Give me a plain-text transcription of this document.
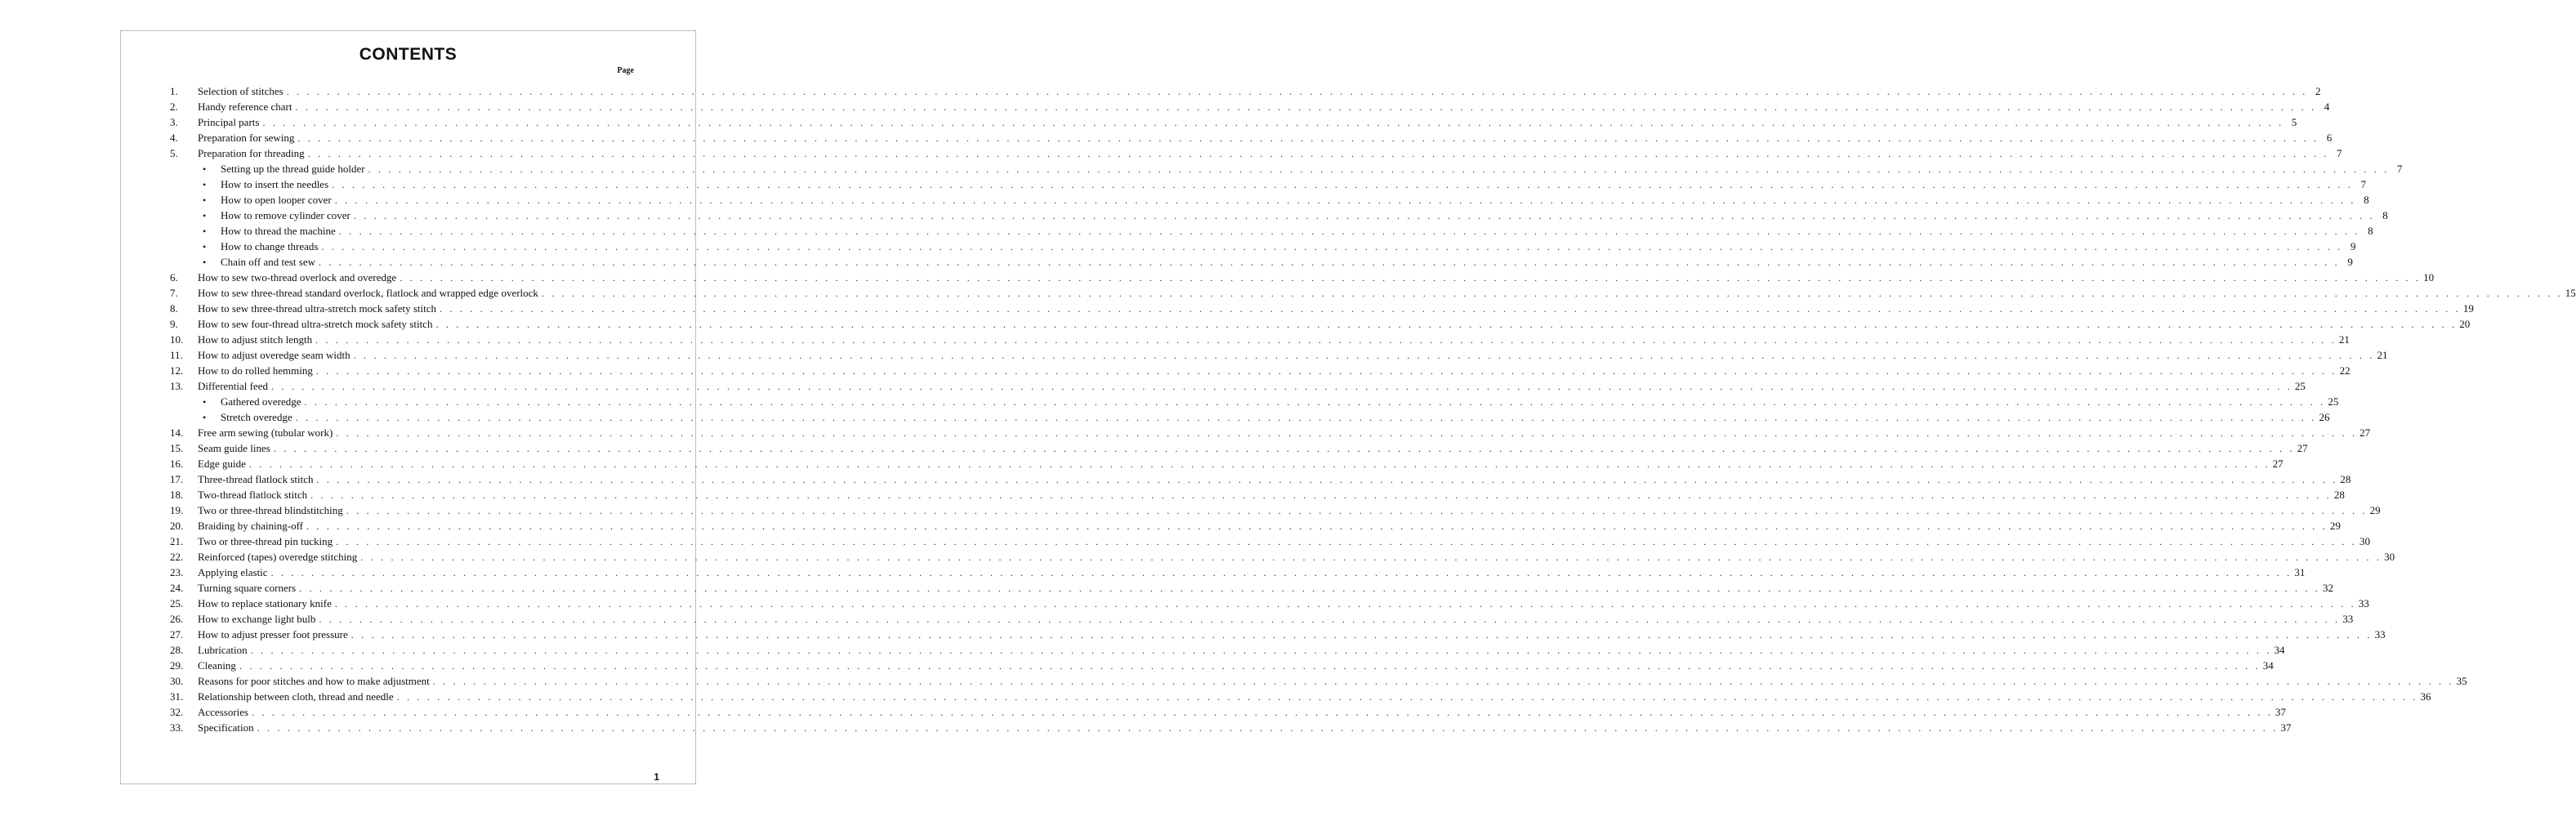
CONTENTS
Page
1.	Selection of stitches . . . . . . . . . . . . . . . . . . . . . . . . . . . . . . . . . . . . . . . . . . . . . . . . . . . . . . . . . . . . . . . . . . . . . . . . . . . . . . . . . . . . . . . . . . . . . . . . . . . . . . . . . . . . . . . . . . . . . . . . . . . . . . . . . . . . . . . . . . . . . . . . . . . . . . . . . . . . . . . . . . . . . . . . . . . . . . . . . . . . . . . . . . . . . . . . . . . . . . . . 2
2.	Handy reference chart . . . . . . . . . . . . . . . . . . . . . . . . . . . . . . . . . . . . . . . . . . . . . . . . . . . . . . . . . . . . . . . . . . . . . . . . . . . . . . . . . . . . . . . . . . . . . . . . . . . . . . . . . . . . . . . . . . . . . . . . . . . . . . . . . . . . . . . . . . . . . . . . . . . . . . . . . . . . . . . . . . . . . . . . . . . . . . . . . . . . . . . . . . . . . . . . . . . . . . . . 4
3.	Principal parts . . . . . . . . . . . . . . . . . . . . . . . . . . . . . . . . . . . . . . . . . . . . . . . . . . . . . . . . . . . . . . . . . . . . . . . . . . . . . . . . . . . . . . . . . . . . . . . . . . . . . . . . . . . . . . . . . . . . . . . . . . . . . . . . . . . . . . . . . . . . . . . . . . . . . . . . . . . . . . . . . . . . . . . . . . . . . . . . . . . . . . . . . . . . . . . . . . . . . . . . 5
4.	Preparation for sewing . . . . . . . . . . . . . . . . . . . . . . . . . . . . . . . . . . . . . . . . . . . . . . . . . . . . . . . . . . . . . . . . . . . . . . . . . . . . . . . . . . . . . . . . . . . . . . . . . . . . . . . . . . . . . . . . . . . . . . . . . . . . . . . . . . . . . . . . . . . . . . . . . . . . . . . . . . . . . . . . . . . . . . . . . . . . . . . . . . . . . . . . . . . . . . . . . . . . . . . . 6
5.	Preparation for threading . . . . . . . . . . . . . . . . . . . . . . . . . . . . . . . . . . . . . . . . . . . . . . . . . . . . . . . . . . . . . . . . . . . . . . . . . . . . . . . . . . . . . . . . . . . . . . . . . . . . . . . . . . . . . . . . . . . . . . . . . . . . . . . . . . . . . . . . . . . . . . . . . . . . . . . . . . . . . . . . . . . . . . . . . . . . . . . . . . . . . . . . . . . . . . . . . . . . . . . . 7
•	Setting up the thread guide holder . . . . . . . . . . . . . . . . . . . . . . . . . . . . . . . . . . . . . . . . . . . . . . . . . . . . . . . . . . . . . . . . . . . . . . . . . . . . . . . . . . . . . . . . . . . . . . . . . . . . . . . . . . . . . . . . . . . . . . . . . . . . . . . . . . . . . . . . . . . . . . . . . . . . . . . . . . . . . . . . . . . . . . . . . . . . . . . . . . . . . . . . . . . . . . . . . . . . . . . . 7
•	How to insert the needles . . . . . . . . . . . . . . . . . . . . . . . . . . . . . . . . . . . . . . . . . . . . . . . . . . . . . . . . . . . . . . . . . . . . . . . . . . . . . . . . . . . . . . . . . . . . . . . . . . . . . . . . . . . . . . . . . . . . . . . . . . . . . . . . . . . . . . . . . . . . . . . . . . . . . . . . . . . . . . . . . . . . . . . . . . . . . . . . . . . . . . . . . . . . . . . . . . . . . . . . 7
•	How to open looper cover . . . . . . . . . . . . . . . . . . . . . . . . . . . . . . . . . . . . . . . . . . . . . . . . . . . . . . . . . . . . . . . . . . . . . . . . . . . . . . . . . . . . . . . . . . . . . . . . . . . . . . . . . . . . . . . . . . . . . . . . . . . . . . . . . . . . . . . . . . . . . . . . . . . . . . . . . . . . . . . . . . . . . . . . . . . . . . . . . . . . . . . . . . . . . . . . . . . . . . . . 8
•	How to remove cylinder cover . . . . . . . . . . . . . . . . . . . . . . . . . . . . . . . . . . . . . . . . . . . . . . . . . . . . . . . . . . . . . . . . . . . . . . . . . . . . . . . . . . . . . . . . . . . . . . . . . . . . . . . . . . . . . . . . . . . . . . . . . . . . . . . . . . . . . . . . . . . . . . . . . . . . . . . . . . . . . . . . . . . . . . . . . . . . . . . . . . . . . . . . . . . . . . . . . . . . . . . . 8
•	How to thread the machine . . . . . . . . . . . . . . . . . . . . . . . . . . . . . . . . . . . . . . . . . . . . . . . . . . . . . . . . . . . . . . . . . . . . . . . . . . . . . . . . . . . . . . . . . . . . . . . . . . . . . . . . . . . . . . . . . . . . . . . . . . . . . . . . . . . . . . . . . . . . . . . . . . . . . . . . . . . . . . . . . . . . . . . . . . . . . . . . . . . . . . . . . . . . . . . . . . . . . . . . 8
•	How to change threads . . . . . . . . . . . . . . . . . . . . . . . . . . . . . . . . . . . . . . . . . . . . . . . . . . . . . . . . . . . . . . . . . . . . . . . . . . . . . . . . . . . . . . . . . . . . . . . . . . . . . . . . . . . . . . . . . . . . . . . . . . . . . . . . . . . . . . . . . . . . . . . . . . . . . . . . . . . . . . . . . . . . . . . . . . . . . . . . . . . . . . . . . . . . . . . . . . . . . . . . 9
•	Chain off and test sew . . . . . . . . . . . . . . . . . . . . . . . . . . . . . . . . . . . . . . . . . . . . . . . . . . . . . . . . . . . . . . . . . . . . . . . . . . . . . . . . . . . . . . . . . . . . . . . . . . . . . . . . . . . . . . . . . . . . . . . . . . . . . . . . . . . . . . . . . . . . . . . . . . . . . . . . . . . . . . . . . . . . . . . . . . . . . . . . . . . . . . . . . . . . . . . . . . . . . . . . 9
6.	How to sew two-thread overlock and overedge . . . . . . . . . . . . . . . . . . . . . . . . . . . . . . . . . . . . . . . . . . . . . . . . . . . . . . . . . . . . . . . . . . . . . . . . . . . . . . . . . . . . . . . . . . . . . . . . . . . . . . . . . . . . . . . . . . . . . . . . . . . . . . . . . . . . . . . . . . . . . . . . . . . . . . . . . . . . . . . . . . . . . . . . . . . . . . . . . . . . . . . . . . . . . . . . . . . . . . . . 10
7.	How to sew three-thread standard overlock, flatlock and wrapped edge overlock . . . . . . . . . . . . . . . . . . . . . . . . . . . . . . . . . . . . . . . . . . . . . . . . . . . . . . . . . . . . . . . . . . . . . . . . . . . . . . . . . . . . . . . . . . . . . . . . . . . . . . . . . . . . . . . . . . . . . . . . . . . . . . . . . . . . . . . . . . . . . . . . . . . . . . . . . . . . . . . . . . . . . . . . . . . . . . . . . . . . . . . . . . . . . . . . . . . . . . . . 15
8.	How to sew three-thread ultra-stretch mock safety stitch . . . . . . . . . . . . . . . . . . . . . . . . . . . . . . . . . . . . . . . . . . . . . . . . . . . . . . . . . . . . . . . . . . . . . . . . . . . . . . . . . . . . . . . . . . . . . . . . . . . . . . . . . . . . . . . . . . . . . . . . . . . . . . . . . . . . . . . . . . . . . . . . . . . . . . . . . . . . . . . . . . . . . . . . . . . . . . . . . . . . . . . . . . . . . . . . . . . . . . . . 19
9.	How to sew four-thread ultra-stretch mock safety stitch . . . . . . . . . . . . . . . . . . . . . . . . . . . . . . . . . . . . . . . . . . . . . . . . . . . . . . . . . . . . . . . . . . . . . . . . . . . . . . . . . . . . . . . . . . . . . . . . . . . . . . . . . . . . . . . . . . . . . . . . . . . . . . . . . . . . . . . . . . . . . . . . . . . . . . . . . . . . . . . . . . . . . . . . . . . . . . . . . . . . . . . . . . . . . . . . . . . . . . . . 20
10.	How to adjust stitch length . . . . . . . . . . . . . . . . . . . . . . . . . . . . . . . . . . . . . . . . . . . . . . . . . . . . . . . . . . . . . . . . . . . . . . . . . . . . . . . . . . . . . . . . . . . . . . . . . . . . . . . . . . . . . . . . . . . . . . . . . . . . . . . . . . . . . . . . . . . . . . . . . . . . . . . . . . . . . . . . . . . . . . . . . . . . . . . . . . . . . . . . . . . . . . . . . . . . . . . . 21
11.	How to adjust overedge seam width . . . . . . . . . . . . . . . . . . . . . . . . . . . . . . . . . . . . . . . . . . . . . . . . . . . . . . . . . . . . . . . . . . . . . . . . . . . . . . . . . . . . . . . . . . . . . . . . . . . . . . . . . . . . . . . . . . . . . . . . . . . . . . . . . . . . . . . . . . . . . . . . . . . . . . . . . . . . . . . . . . . . . . . . . . . . . . . . . . . . . . . . . . . . . . . . . . . . . . . . 21
12.	How to do rolled hemming . . . . . . . . . . . . . . . . . . . . . . . . . . . . . . . . . . . . . . . . . . . . . . . . . . . . . . . . . . . . . . . . . . . . . . . . . . . . . . . . . . . . . . . . . . . . . . . . . . . . . . . . . . . . . . . . . . . . . . . . . . . . . . . . . . . . . . . . . . . . . . . . . . . . . . . . . . . . . . . . . . . . . . . . . . . . . . . . . . . . . . . . . . . . . . . . . . . . . . . . 22
13.	Differential feed . . . . . . . . . . . . . . . . . . . . . . . . . . . . . . . . . . . . . . . . . . . . . . . . . . . . . . . . . . . . . . . . . . . . . . . . . . . . . . . . . . . . . . . . . . . . . . . . . . . . . . . . . . . . . . . . . . . . . . . . . . . . . . . . . . . . . . . . . . . . . . . . . . . . . . . . . . . . . . . . . . . . . . . . . . . . . . . . . . . . . . . . . . . . . . . . . . . . . . . . 25
•	Gathered overedge . . . . . . . . . . . . . . . . . . . . . . . . . . . . . . . . . . . . . . . . . . . . . . . . . . . . . . . . . . . . . . . . . . . . . . . . . . . . . . . . . . . . . . . . . . . . . . . . . . . . . . . . . . . . . . . . . . . . . . . . . . . . . . . . . . . . . . . . . . . . . . . . . . . . . . . . . . . . . . . . . . . . . . . . . . . . . . . . . . . . . . . . . . . . . . . . . . . . . . . . 25
•	Stretch overedge . . . . . . . . . . . . . . . . . . . . . . . . . . . . . . . . . . . . . . . . . . . . . . . . . . . . . . . . . . . . . . . . . . . . . . . . . . . . . . . . . . . . . . . . . . . . . . . . . . . . . . . . . . . . . . . . . . . . . . . . . . . . . . . . . . . . . . . . . . . . . . . . . . . . . . . . . . . . . . . . . . . . . . . . . . . . . . . . . . . . . . . . . . . . . . . . . . . . . . . . 26
14.	Free arm sewing (tubular work) . . . . . . . . . . . . . . . . . . . . . . . . . . . . . . . . . . . . . . . . . . . . . . . . . . . . . . . . . . . . . . . . . . . . . . . . . . . . . . . . . . . . . . . . . . . . . . . . . . . . . . . . . . . . . . . . . . . . . . . . . . . . . . . . . . . . . . . . . . . . . . . . . . . . . . . . . . . . . . . . . . . . . . . . . . . . . . . . . . . . . . . . . . . . . . . . . . . . . . . . 27
15.	Seam guide lines . . . . . . . . . . . . . . . . . . . . . . . . . . . . . . . . . . . . . . . . . . . . . . . . . . . . . . . . . . . . . . . . . . . . . . . . . . . . . . . . . . . . . . . . . . . . . . . . . . . . . . . . . . . . . . . . . . . . . . . . . . . . . . . . . . . . . . . . . . . . . . . . . . . . . . . . . . . . . . . . . . . . . . . . . . . . . . . . . . . . . . . . . . . . . . . . . . . . . . . . 27
16.	Edge guide . . . . . . . . . . . . . . . . . . . . . . . . . . . . . . . . . . . . . . . . . . . . . . . . . . . . . . . . . . . . . . . . . . . . . . . . . . . . . . . . . . . . . . . . . . . . . . . . . . . . . . . . . . . . . . . . . . . . . . . . . . . . . . . . . . . . . . . . . . . . . . . . . . . . . . . . . . . . . . . . . . . . . . . . . . . . . . . . . . . . . . . . . . . . . . . . . . . . . . . . 27
17.	Three-thread flatlock stitch . . . . . . . . . . . . . . . . . . . . . . . . . . . . . . . . . . . . . . . . . . . . . . . . . . . . . . . . . . . . . . . . . . . . . . . . . . . . . . . . . . . . . . . . . . . . . . . . . . . . . . . . . . . . . . . . . . . . . . . . . . . . . . . . . . . . . . . . . . . . . . . . . . . . . . . . . . . . . . . . . . . . . . . . . . . . . . . . . . . . . . . . . . . . . . . . . . . . . . . . 28
18.	Two-thread flatlock stitch . . . . . . . . . . . . . . . . . . . . . . . . . . . . . . . . . . . . . . . . . . . . . . . . . . . . . . . . . . . . . . . . . . . . . . . . . . . . . . . . . . . . . . . . . . . . . . . . . . . . . . . . . . . . . . . . . . . . . . . . . . . . . . . . . . . . . . . . . . . . . . . . . . . . . . . . . . . . . . . . . . . . . . . . . . . . . . . . . . . . . . . . . . . . . . . . . . . . . . . . 28
19.	Two or three-thread blindstitching . . . . . . . . . . . . . . . . . . . . . . . . . . . . . . . . . . . . . . . . . . . . . . . . . . . . . . . . . . . . . . . . . . . . . . . . . . . . . . . . . . . . . . . . . . . . . . . . . . . . . . . . . . . . . . . . . . . . . . . . . . . . . . . . . . . . . . . . . . . . . . . . . . . . . . . . . . . . . . . . . . . . . . . . . . . . . . . . . . . . . . . . . . . . . . . . . . . . . . . . 29
20.	Braiding by chaining-off . . . . . . . . . . . . . . . . . . . . . . . . . . . . . . . . . . . . . . . . . . . . . . . . . . . . . . . . . . . . . . . . . . . . . . . . . . . . . . . . . . . . . . . . . . . . . . . . . . . . . . . . . . . . . . . . . . . . . . . . . . . . . . . . . . . . . . . . . . . . . . . . . . . . . . . . . . . . . . . . . . . . . . . . . . . . . . . . . . . . . . . . . . . . . . . . . . . . . . . . 29
21.	Two or three-thread pin tucking . . . . . . . . . . . . . . . . . . . . . . . . . . . . . . . . . . . . . . . . . . . . . . . . . . . . . . . . . . . . . . . . . . . . . . . . . . . . . . . . . . . . . . . . . . . . . . . . . . . . . . . . . . . . . . . . . . . . . . . . . . . . . . . . . . . . . . . . . . . . . . . . . . . . . . . . . . . . . . . . . . . . . . . . . . . . . . . . . . . . . . . . . . . . . . . . . . . . . . . . 30
22.	Reinforced (tapes) overedge stitching . . . . . . . . . . . . . . . . . . . . . . . . . . . . . . . . . . . . . . . . . . . . . . . . . . . . . . . . . . . . . . . . . . . . . . . . . . . . . . . . . . . . . . . . . . . . . . . . . . . . . . . . . . . . . . . . . . . . . . . . . . . . . . . . . . . . . . . . . . . . . . . . . . . . . . . . . . . . . . . . . . . . . . . . . . . . . . . . . . . . . . . . . . . . . . . . . . . . . . . . 30
23.	Applying elastic . . . . . . . . . . . . . . . . . . . . . . . . . . . . . . . . . . . . . . . . . . . . . . . . . . . . . . . . . . . . . . . . . . . . . . . . . . . . . . . . . . . . . . . . . . . . . . . . . . . . . . . . . . . . . . . . . . . . . . . . . . . . . . . . . . . . . . . . . . . . . . . . . . . . . . . . . . . . . . . . . . . . . . . . . . . . . . . . . . . . . . . . . . . . . . . . . . . . . . . . 31
24.	Turning square corners . . . . . . . . . . . . . . . . . . . . . . . . . . . . . . . . . . . . . . . . . . . . . . . . . . . . . . . . . . . . . . . . . . . . . . . . . . . . . . . . . . . . . . . . . . . . . . . . . . . . . . . . . . . . . . . . . . . . . . . . . . . . . . . . . . . . . . . . . . . . . . . . . . . . . . . . . . . . . . . . . . . . . . . . . . . . . . . . . . . . . . . . . . . . . . . . . . . . . . . . 32
25.	How to replace stationary knife . . . . . . . . . . . . . . . . . . . . . . . . . . . . . . . . . . . . . . . . . . . . . . . . . . . . . . . . . . . . . . . . . . . . . . . . . . . . . . . . . . . . . . . . . . . . . . . . . . . . . . . . . . . . . . . . . . . . . . . . . . . . . . . . . . . . . . . . . . . . . . . . . . . . . . . . . . . . . . . . . . . . . . . . . . . . . . . . . . . . . . . . . . . . . . . . . . . . . . . . 33
26.	How to exchange light bulb . . . . . . . . . . . . . . . . . . . . . . . . . . . . . . . . . . . . . . . . . . . . . . . . . . . . . . . . . . . . . . . . . . . . . . . . . . . . . . . . . . . . . . . . . . . . . . . . . . . . . . . . . . . . . . . . . . . . . . . . . . . . . . . . . . . . . . . . . . . . . . . . . . . . . . . . . . . . . . . . . . . . . . . . . . . . . . . . . . . . . . . . . . . . . . . . . . . . . . . . 33
27.	How to adjust presser foot pressure . . . . . . . . . . . . . . . . . . . . . . . . . . . . . . . . . . . . . . . . . . . . . . . . . . . . . . . . . . . . . . . . . . . . . . . . . . . . . . . . . . . . . . . . . . . . . . . . . . . . . . . . . . . . . . . . . . . . . . . . . . . . . . . . . . . . . . . . . . . . . . . . . . . . . . . . . . . . . . . . . . . . . . . . . . . . . . . . . . . . . . . . . . . . . . . . . . . . . . . . 33
28.	Lubrication . . . . . . . . . . . . . . . . . . . . . . . . . . . . . . . . . . . . . . . . . . . . . . . . . . . . . . . . . . . . . . . . . . . . . . . . . . . . . . . . . . . . . . . . . . . . . . . . . . . . . . . . . . . . . . . . . . . . . . . . . . . . . . . . . . . . . . . . . . . . . . . . . . . . . . . . . . . . . . . . . . . . . . . . . . . . . . . . . . . . . . . . . . . . . . . . . . . . . . . . 34
29.	Cleaning . . . . . . . . . . . . . . . . . . . . . . . . . . . . . . . . . . . . . . . . . . . . . . . . . . . . . . . . . . . . . . . . . . . . . . . . . . . . . . . . . . . . . . . . . . . . . . . . . . . . . . . . . . . . . . . . . . . . . . . . . . . . . . . . . . . . . . . . . . . . . . . . . . . . . . . . . . . . . . . . . . . . . . . . . . . . . . . . . . . . . . . . . . . . . . . . . . . . . . . . 34
30.	Reasons for poor stitches and how to make adjustment . . . . . . . . . . . . . . . . . . . . . . . . . . . . . . . . . . . . . . . . . . . . . . . . . . . . . . . . . . . . . . . . . . . . . . . . . . . . . . . . . . . . . . . . . . . . . . . . . . . . . . . . . . . . . . . . . . . . . . . . . . . . . . . . . . . . . . . . . . . . . . . . . . . . . . . . . . . . . . . . . . . . . . . . . . . . . . . . . . . . . . . . . . . . . . . . . . . . . . . . 35
31.	Relationship between cloth, thread and needle . . . . . . . . . . . . . . . . . . . . . . . . . . . . . . . . . . . . . . . . . . . . . . . . . . . . . . . . . . . . . . . . . . . . . . . . . . . . . . . . . . . . . . . . . . . . . . . . . . . . . . . . . . . . . . . . . . . . . . . . . . . . . . . . . . . . . . . . . . . . . . . . . . . . . . . . . . . . . . . . . . . . . . . . . . . . . . . . . . . . . . . . . . . . . . . . . . . . . . . . 36
32.	Accessories . . . . . . . . . . . . . . . . . . . . . . . . . . . . . . . . . . . . . . . . . . . . . . . . . . . . . . . . . . . . . . . . . . . . . . . . . . . . . . . . . . . . . . . . . . . . . . . . . . . . . . . . . . . . . . . . . . . . . . . . . . . . . . . . . . . . . . . . . . . . . . . . . . . . . . . . . . . . . . . . . . . . . . . . . . . . . . . . . . . . . . . . . . . . . . . . . . . . . . . . 37
33.	Specification . . . . . . . . . . . . . . . . . . . . . . . . . . . . . . . . . . . . . . . . . . . . . . . . . . . . . . . . . . . . . . . . . . . . . . . . . . . . . . . . . . . . . . . . . . . . . . . . . . . . . . . . . . . . . . . . . . . . . . . . . . . . . . . . . . . . . . . . . . . . . . . . . . . . . . . . . . . . . . . . . . . . . . . . . . . . . . . . . . . . . . . . . . . . . . . . . . . . . . . . 37
1
